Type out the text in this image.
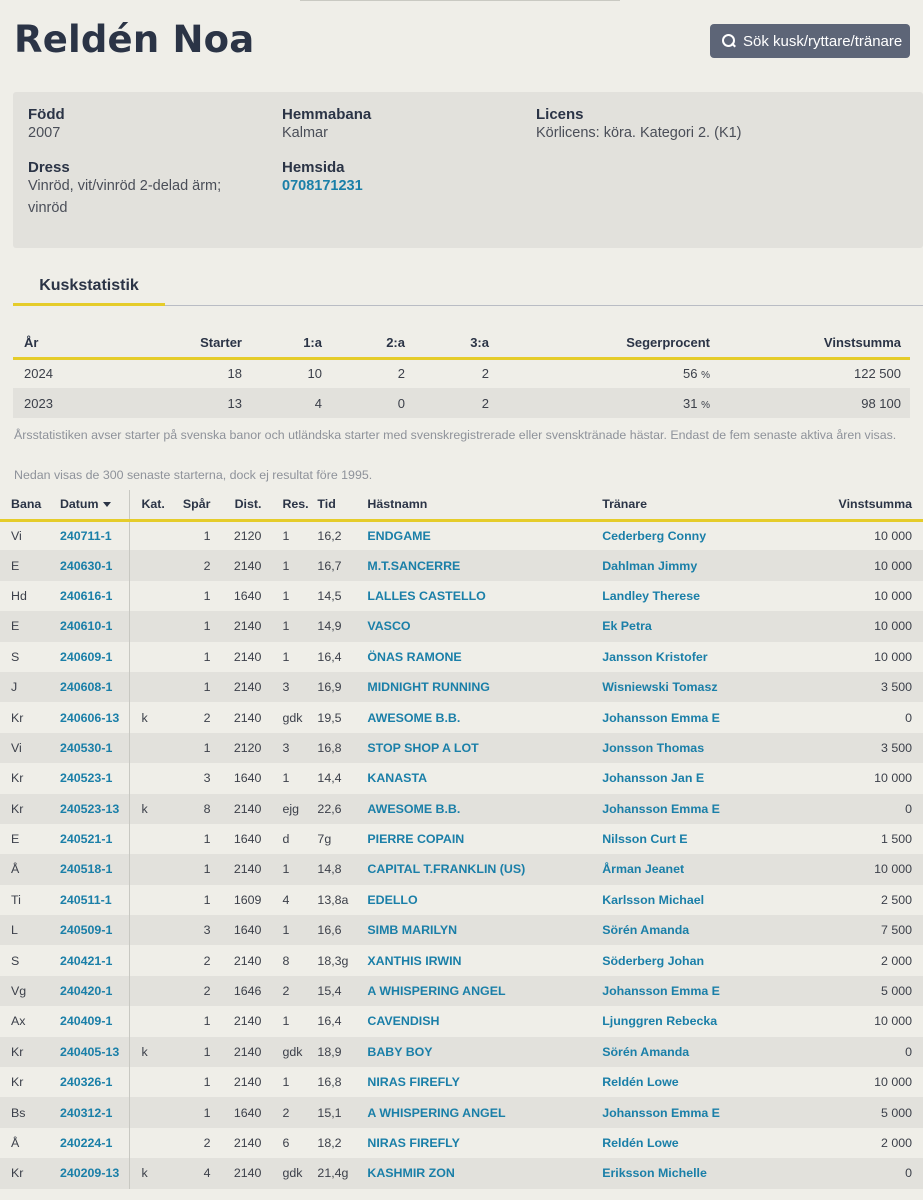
Reldén Noa	Sök kusk/ryttare/tränare
Född
2007
Hemmabana
Kalmar
Licens
Körlicens: köra. Kategori 2. (K1)
Dress
Vinröd, vit/vinröd 2-delad ärm;
vinröd
Hemsida
0708171231
Kuskstatistik
År	Starter	1:a	2:a	3:a	Segerprocent	Vinstsumma
2024	18	10	2	2	56 %	122 500
2023	13	4	0	2	31 %	98 100
Årsstatistiken avser starter på svenska banor och utländska starter med svenskregistrerade eller svensktränade hästar. Endast de fem senaste aktiva åren visas.
Nedan visas de 300 senaste starterna, dock ej resultat före 1995.
Bana	Datum	Kat.	Spår	Dist.	Res.	Tid	Hästnamn	Tränare	Vinstsumma
Vi	240711-1		1	2120	1	16,2	ENDGAME	Cederberg Conny	10 000
E	240630-1		2	2140	1	16,7	M.T.SANCERRE	Dahlman Jimmy	10 000
Hd	240616-1		1	1640	1	14,5	LALLES CASTELLO	Landley Therese	10 000
E	240610-1		1	2140	1	14,9	VASCO	Ek Petra	10 000
S	240609-1		1	2140	1	16,4	ÖNAS RAMONE	Jansson Kristofer	10 000
J	240608-1		1	2140	3	16,9	MIDNIGHT RUNNING	Wisniewski Tomasz	3 500
Kr	240606-13	k	2	2140	gdk	19,5	AWESOME B.B.	Johansson Emma E	0
Vi	240530-1		1	2120	3	16,8	STOP SHOP A LOT	Jonsson Thomas	3 500
Kr	240523-1		3	1640	1	14,4	KANASTA	Johansson Jan E	10 000
Kr	240523-13	k	8	2140	ejg	22,6	AWESOME B.B.	Johansson Emma E	0
E	240521-1		1	1640	d	7g	PIERRE COPAIN	Nilsson Curt E	1 500
Å	240518-1		1	2140	1	14,8	CAPITAL T.FRANKLIN (US)	Årman Jeanet	10 000
Ti	240511-1		1	1609	4	13,8a	EDELLO	Karlsson Michael	2 500
L	240509-1		3	1640	1	16,6	SIMB MARILYN	Sörén Amanda	7 500
S	240421-1		2	2140	8	18,3g	XANTHIS IRWIN	Söderberg Johan	2 000
Vg	240420-1		2	1646	2	15,4	A WHISPERING ANGEL	Johansson Emma E	5 000
Ax	240409-1		1	2140	1	16,4	CAVENDISH	Ljunggren Rebecka	10 000
Kr	240405-13	k	1	2140	gdk	18,9	BABY BOY	Sörén Amanda	0
Kr	240326-1		1	2140	1	16,8	NIRAS FIREFLY	Reldén Lowe	10 000
Bs	240312-1		1	1640	2	15,1	A WHISPERING ANGEL	Johansson Emma E	5 000
Å	240224-1		2	2140	6	18,2	NIRAS FIREFLY	Reldén Lowe	2 000
Kr	240209-13	k	4	2140	gdk	21,4g	KASHMIR ZON	Eriksson Michelle	0
